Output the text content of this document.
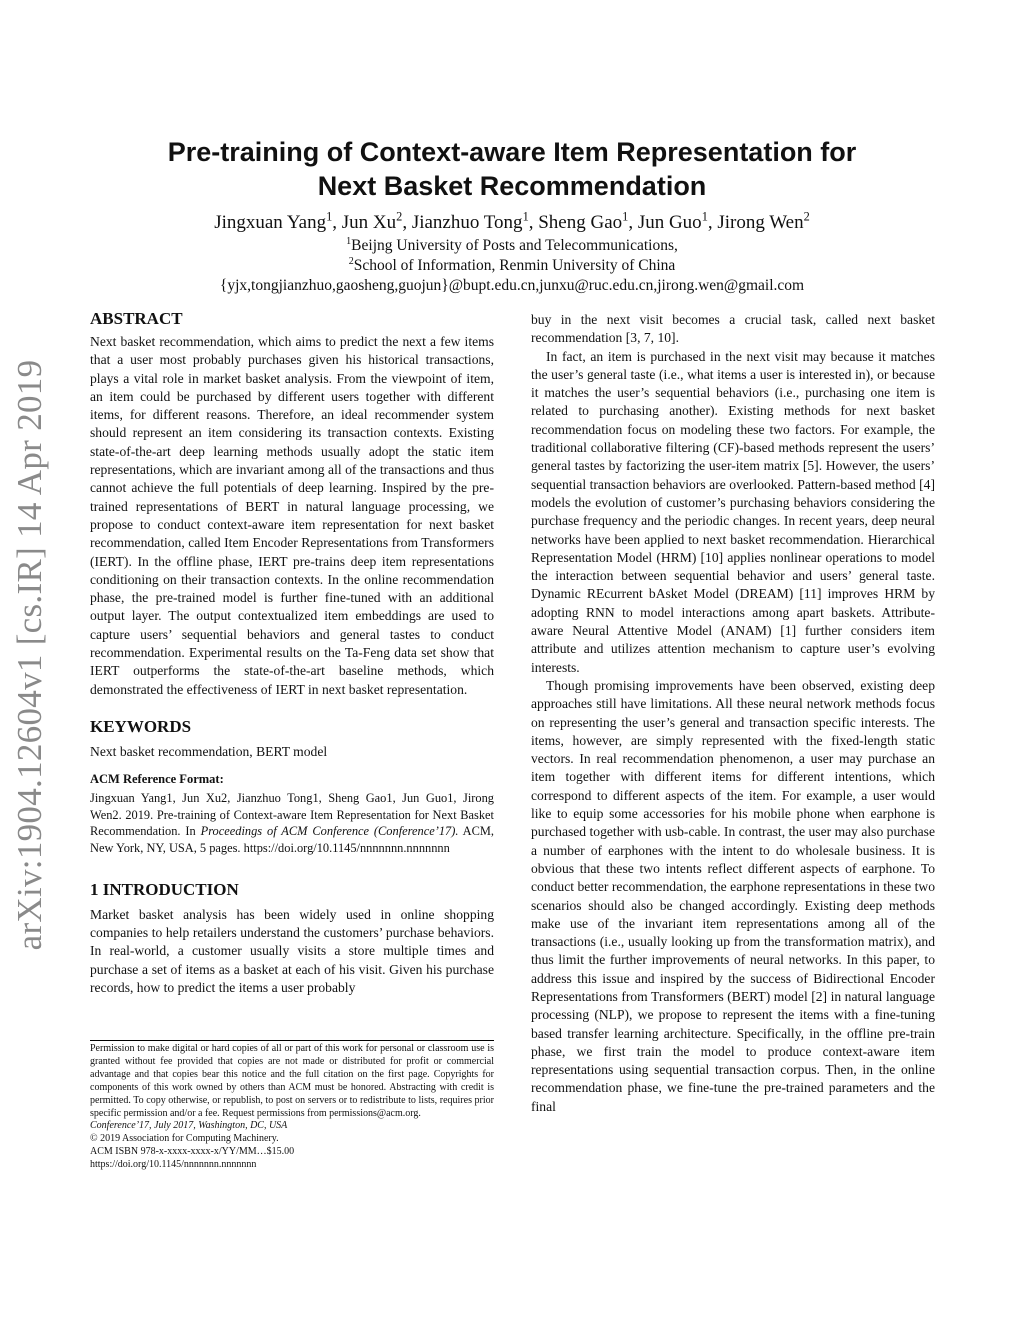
arXiv:1904.12604v1 [cs.IR] 14 Apr 2019
Pre-training of Context-aware Item Representation for
Next Basket Recommendation
Jingxuan Yang$^1$, Jun Xu$^2$, Jianzhuo Tong$^1$, Sheng Gao$^1$, Jun Guo$^1$, Jirong Wen$^2$
$^1$Beijng University of Posts and Telecommunications,
$^2$School of Information, Renmin University of China
{yjx,tongjianzhuo,gaosheng,guojun}@bupt.edu.cn,junxu@ruc.edu.cn,jirong.wen@gmail.com

ABSTRACT

Next basket recommendation, which aims to predict the next a few items that a user most probably purchases given his historical transactions, plays a vital role in market basket analysis. From the viewpoint of item, an item could be purchased by different users together with different items, for different reasons. Therefore, an ideal recommender system should represent an item considering its transaction contexts. Existing state-of-the-art deep learning methods usually adopt the static item representations, which are invariant among all of the transactions and thus cannot achieve the full potentials of deep learning. Inspired by the pre-trained representations of BERT in natural language processing, we propose to conduct context-aware item representation for next basket recommendation, called Item Encoder Representations from Transformers (IERT). In the offline phase, IERT pre-trains deep item representations conditioning on their transaction contexts. In the online recommendation phase, the pre-trained model is further fine-tuned with an additional output layer. The output contextualized item embeddings are used to capture users’ sequential behaviors and general tastes to conduct recommendation. Experimental results on the Ta-Feng data set show that IERT outperforms the state-of-the-art baseline methods, which demonstrated the effectiveness of IERT in next basket representation.

KEYWORDS

Next basket recommendation, BERT model

ACM Reference Format:

Jingxuan Yang1, Jun Xu2, Jianzhuo Tong1, Sheng Gao1, Jun Guo1, Jirong Wen2. 2019. Pre-training of Context-aware Item Representation for Next Basket Recommendation. In Proceedings of ACM Conference (Conference’17). ACM, New York, NY, USA, 5 pages. https://doi.org/10.1145/nnnnnnn.nnnnnnn

1 INTRODUCTION

Market basket analysis has been widely used in online shopping companies to help retailers understand the customers’ purchase behaviors. In real-world, a customer usually visits a store multiple times and purchase a set of items as a basket at each of his visit. Given his purchase records, how to predict the items a user probably

Permission to make digital or hard copies of all or part of this work for personal or classroom use is granted without fee provided that copies are not made or distributed for profit or commercial advantage and that copies bear this notice and the full citation on the first page. Copyrights for components of this work owned by others than ACM must be honored. Abstracting with credit is permitted. To copy otherwise, or republish, to post on servers or to redistribute to lists, requires prior specific permission and/or a fee. Request permissions from permissions@acm.org.

Conference’17, July 2017, Washington, DC, USA

© 2019 Association for Computing Machinery.

ACM ISBN 978-x-xxxx-xxxx-x/YY/MM…$15.00

https://doi.org/10.1145/nnnnnnn.nnnnnnn

buy in the next visit becomes a crucial task, called next basket recommendation [3, 7, 10].

In fact, an item is purchased in the next visit may because it matches the user’s general taste (i.e., what items a user is interested in), or because it matches the user’s sequential behaviors (i.e., purchasing one item is related to purchasing another). Existing methods for next basket recommendation focus on modeling these two factors. For example, the traditional collaborative filtering (CF)-based methods represent the users’ general tastes by factorizing the user-item matrix [5]. However, the users’ sequential transaction behaviors are overlooked. Pattern-based method [4] models the evolution of customer’s purchasing behaviors considering the purchase frequency and the periodic changes. In recent years, deep neural networks have been applied to next basket recommendation. Hierarchical Representation Model (HRM) [10] applies nonlinear operations to model the interaction between sequential behavior and users’ general taste. Dynamic REcurrent bAsket Model (DREAM) [11] improves HRM by adopting RNN to model interactions among apart baskets. Attribute-aware Neural Attentive Model (ANAM) [1] further considers item attribute and utilizes attention mechanism to capture user’s evolving interests.

Though promising improvements have been observed, existing deep approaches still have limitations. All these neural network methods focus on representing the user’s general and transaction specific interests. The items, however, are simply represented with the fixed-length static vectors. In real recommendation phenomenon, a user may purchase an item together with different items for different intentions, which correspond to different aspects of the item. For example, a user would like to equip some accessories for his mobile phone when earphone is purchased together with usb-cable. In contrast, the user may also purchase a number of earphones with the intent to do wholesale business. It is obvious that these two intents reflect different aspects of earphone. To conduct better recommendation, the earphone representations in these two scenarios should also be changed accordingly. Existing deep methods make use of the invariant item representations among all of the transactions (i.e., usually looking up from the transformation matrix), and thus limit the further improvements of neural networks. In this paper, to address this issue and inspired by the success of Bidirectional Encoder Representations from Transformers (BERT) model [2] in natural language processing (NLP), we propose to represent the items with a fine-tuning based transfer learning architecture. Specifically, in the offline pre-train phase, we first train the model to produce context-aware item representations using sequential transaction corpus. Then, in the online recommendation phase, we fine-tune the pre-trained parameters and the final
